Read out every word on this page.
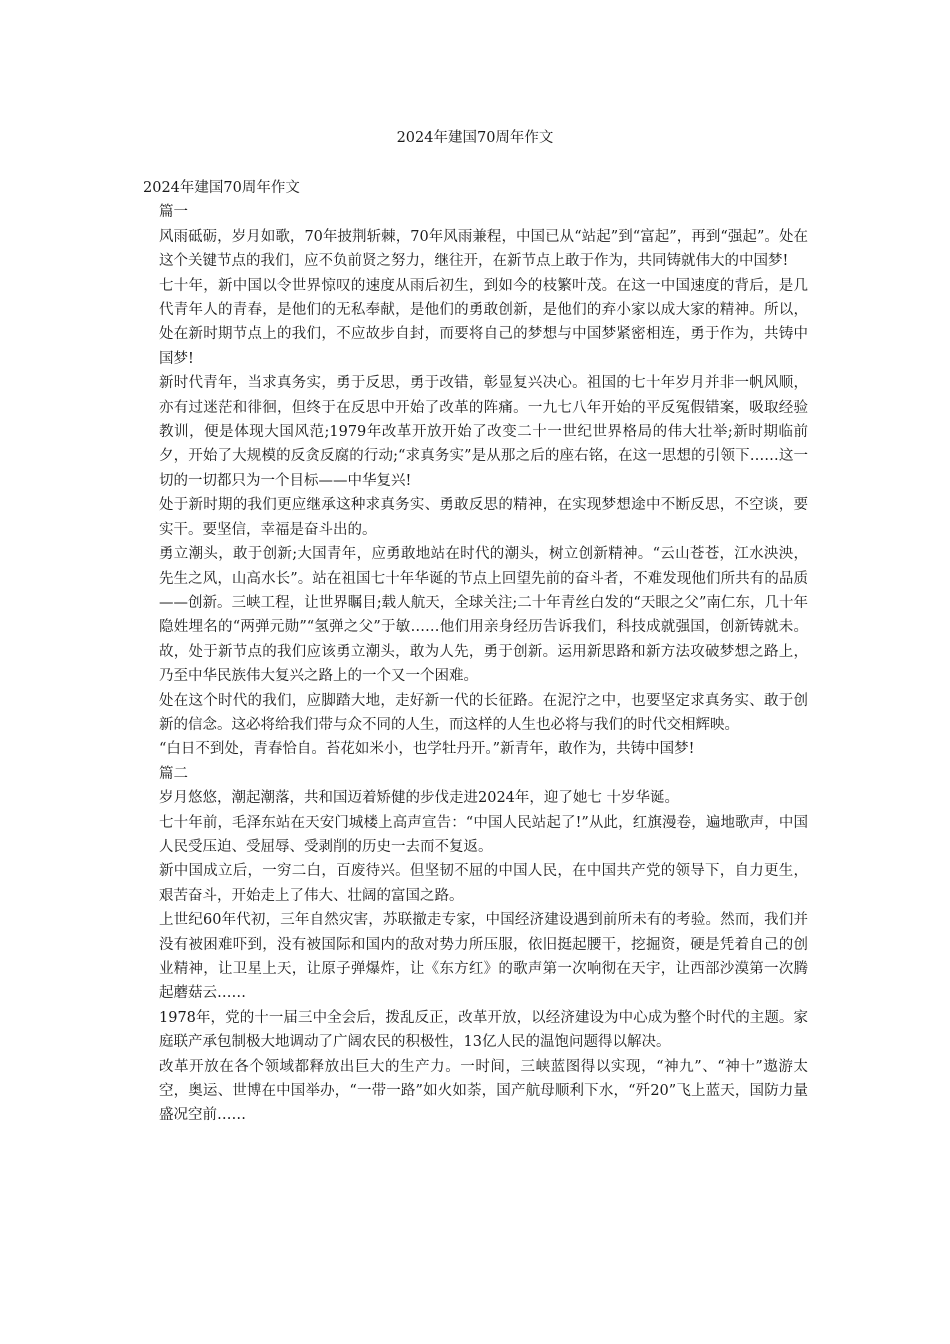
2024年建国70周年作文

2024年建国70周年作文

篇一

风雨砥砺，岁月如歌，70年披荆斩棘，70年风雨兼程，中国已从“站起”到“富起”，再到“强起”。处在这个关键节点的我们，应不负前贤之努力，继往开，在新节点上敢于作为，共同铸就伟大的中国梦!

七十年，新中国以令世界惊叹的速度从雨后初生，到如今的枝繁叶茂。在这一中国速度的背后，是几代青年人的青春，是他们的无私奉献，是他们的勇敢创新，是他们的弃小家以成大家的精神。所以，处在新时期节点上的我们，不应故步自封，而要将自己的梦想与中国梦紧密相连，勇于作为，共铸中国梦!

新时代青年，当求真务实，勇于反思，勇于改错，彰显复兴决心。祖国的七十年岁月并非一帆风顺，亦有过迷茫和徘徊，但终于在反思中开始了改革的阵痛。一九七八年开始的平反冤假错案，吸取经验教训，便是体现大国风范;1979年改革开放开始了改变二十一世纪世界格局的伟大壮举;新时期临前夕，开始了大规模的反贪反腐的行动;“求真务实”是从那之后的座右铭，在这一思想的引领下……这一切的一切都只为一个目标——中华复兴!

处于新时期的我们更应继承这种求真务实、勇敢反思的精神，在实现梦想途中不断反思，不空谈，要实干。要坚信，幸福是奋斗出的。

勇立潮头，敢于创新;大国青年，应勇敢地站在时代的潮头，树立创新精神。“云山苍苍，江水泱泱，先生之风，山高水长”。站在祖国七十年华诞的节点上回望先前的奋斗者，不难发现他们所共有的品质——创新。三峡工程，让世界瞩目;载人航天，全球关注;二十年青丝白发的“天眼之父”南仁东，几十年隐姓埋名的“两弹元勋”“氢弹之父”于敏……他们用亲身经历告诉我们，科技成就强国，创新铸就未。故，处于新节点的我们应该勇立潮头，敢为人先，勇于创新。运用新思路和新方法攻破梦想之路上，乃至中华民族伟大复兴之路上的一个又一个困难。

处在这个时代的我们，应脚踏大地，走好新一代的长征路。在泥泞之中，也要坚定求真务实、敢于创新的信念。这必将给我们带与众不同的人生，而这样的人生也必将与我们的时代交相辉映。

“白日不到处，青春恰自。苔花如米小，也学牡丹开。”新青年，敢作为，共铸中国梦!

篇二

岁月悠悠，潮起潮落，共和国迈着矫健的步伐走进2024年，迎了她七 十岁华诞。

七十年前，毛泽东站在天安门城楼上高声宣告：“中国人民站起了!”从此，红旗漫卷，遍地歌声，中国人民受压迫、受屈辱、受剥削的历史一去而不复返。

新中国成立后，一穷二白，百废待兴。但坚韧不屈的中国人民，在中国共产党的领导下，自力更生，艰苦奋斗，开始走上了伟大、壮阔的富国之路。

上世纪60年代初，三年自然灾害，苏联撤走专家，中国经济建设遇到前所未有的考验。然而，我们并没有被困难吓到，没有被国际和国内的敌对势力所压服，依旧挺起腰干，挖掘资，硬是凭着自己的创业精神，让卫星上天，让原子弹爆炸，让《东方红》的歌声第一次响彻在天宇，让西部沙漠第一次腾起蘑菇云……

1978年，党的十一届三中全会后，拨乱反正，改革开放，以经济建设为中心成为整个时代的主题。家庭联产承包制极大地调动了广阔农民的积极性，13亿人民的温饱问题得以解决。

改革开放在各个领域都释放出巨大的生产力。一时间，三峡蓝图得以实现，“神九”、“神十”遨游太空，奥运、世博在中国举办，“一带一路”如火如荼，国产航母顺利下水，“歼20”飞上蓝天，国防力量盛况空前……
